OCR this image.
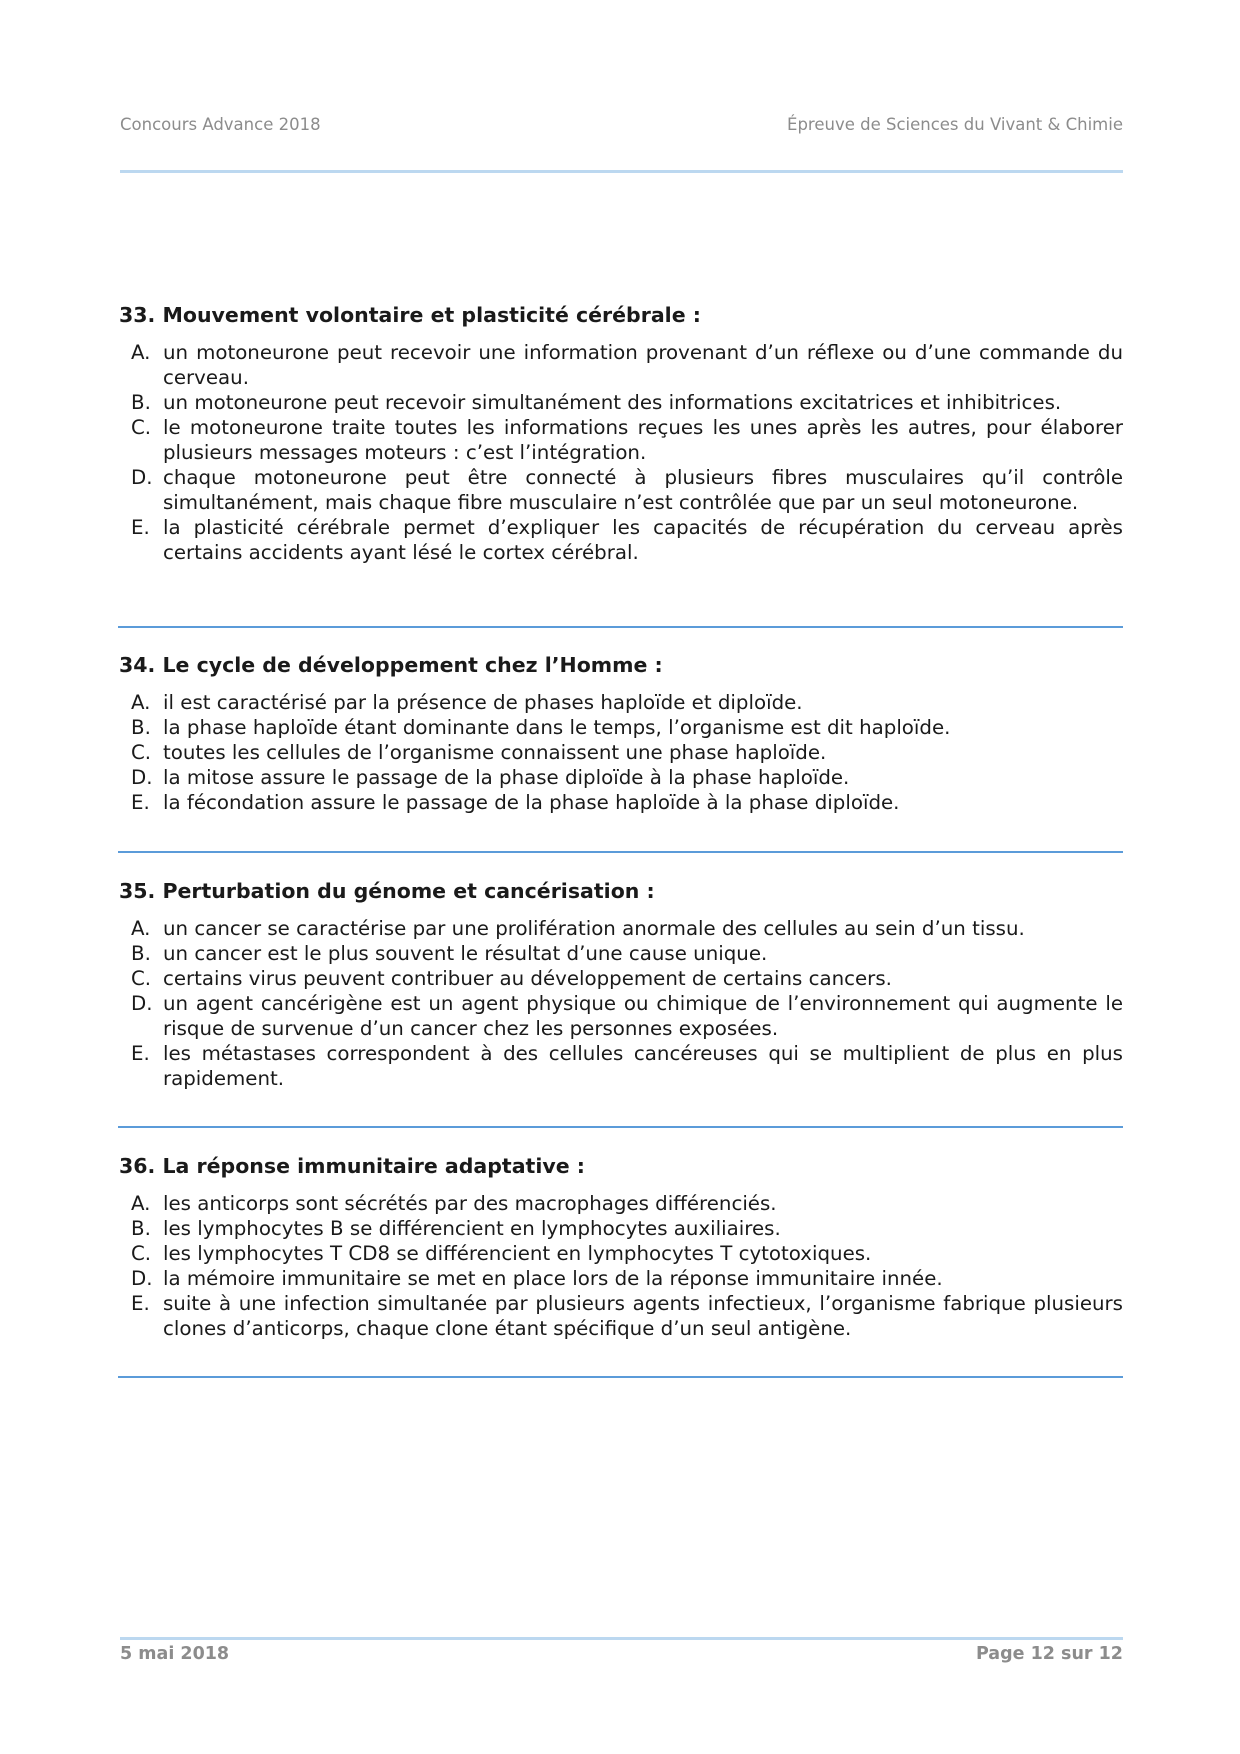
Concours Advance 2018	Épreuve de Sciences du Vivant & Chimie
33. Mouvement volontaire et plasticité cérébrale :
A. un motoneurone peut recevoir une information provenant d’un réflexe ou d’une commande du cerveau.
B. un motoneurone peut recevoir simultanément des informations excitatrices et inhibitrices.
C. le motoneurone traite toutes les informations reçues les unes après les autres, pour élaborer plusieurs messages moteurs : c’est l’intégration.
D. chaque motoneurone peut être connecté à plusieurs fibres musculaires qu’il contrôle simultanément, mais chaque fibre musculaire n’est contrôlée que par un seul motoneurone.
E. la plasticité cérébrale permet d’expliquer les capacités de récupération du cerveau après certains accidents ayant lésé le cortex cérébral.
34. Le cycle de développement chez l’Homme :
A. il est caractérisé par la présence de phases haploïde et diploïde.
B. la phase haploïde étant dominante dans le temps, l’organisme est dit haploïde.
C. toutes les cellules de l’organisme connaissent une phase haploïde.
D. la mitose assure le passage de la phase diploïde à la phase haploïde.
E. la fécondation assure le passage de la phase haploïde à la phase diploïde.
35. Perturbation du génome et cancérisation :
A. un cancer se caractérise par une prolifération anormale des cellules au sein d’un tissu.
B. un cancer est le plus souvent le résultat d’une cause unique.
C. certains virus peuvent contribuer au développement de certains cancers.
D. un agent cancérigène est un agent physique ou chimique de l’environnement qui augmente le risque de survenue d’un cancer chez les personnes exposées.
E. les métastases correspondent à des cellules cancéreuses qui se multiplient de plus en plus rapidement.
36. La réponse immunitaire adaptative :
A. les anticorps sont sécrétés par des macrophages différenciés.
B. les lymphocytes B se différencient en lymphocytes auxiliaires.
C. les lymphocytes T CD8 se différencient en lymphocytes T cytotoxiques.
D. la mémoire immunitaire se met en place lors de la réponse immunitaire innée.
E. suite à une infection simultanée par plusieurs agents infectieux, l’organisme fabrique plusieurs clones d’anticorps, chaque clone étant spécifique d’un seul antigène.
5 mai 2018	Page 12 sur 12
